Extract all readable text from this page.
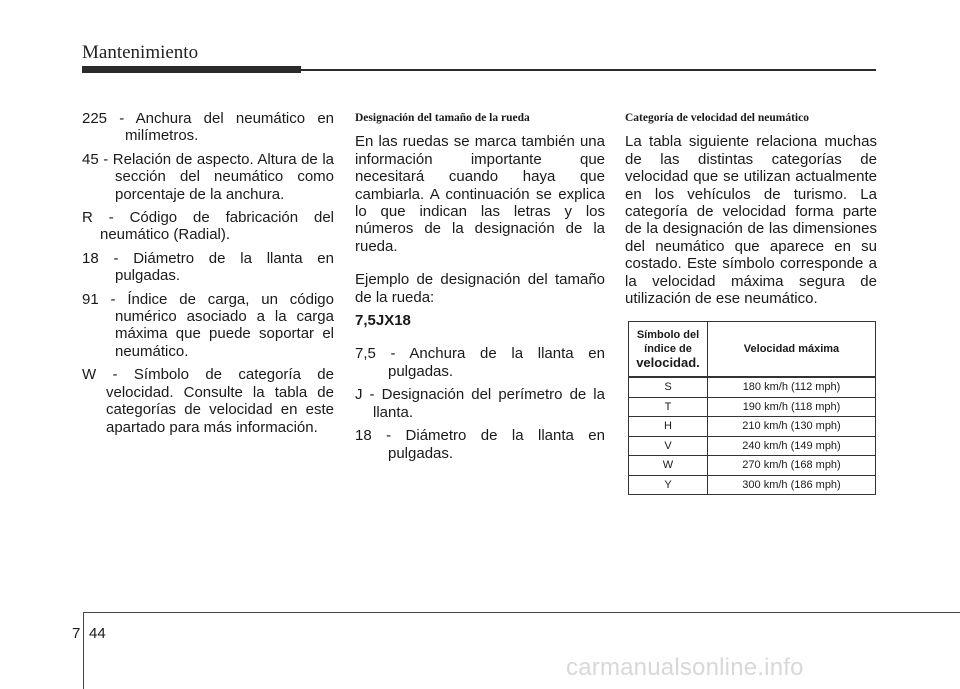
Mantenimiento
225 - Anchura del neumático en milímetros.
45 - Relación de aspecto. Altura de la sección del neumático como porcentaje de la anchura.
R - Código de fabricación del neumático (Radial).
18 - Diámetro de la llanta en pulgadas.
91 - Índice de carga, un código numérico asociado a la carga máxima que puede soportar el neumático.
W - Símbolo de categoría de velocidad. Consulte la tabla de categorías de velocidad en este apartado para más información.
Designación del tamaño de la rueda
En las ruedas se marca también una información importante que necesitará cuando haya que cambiarla. A continuación se explica lo que indican las letras y los números de la designación de la rueda.
Ejemplo de designación del tamaño de la rueda:
7,5JX18
7,5 - Anchura de la llanta en pulgadas.
J - Designación del perímetro de la llanta.
18 - Diámetro de la llanta en pulgadas.
Categoría de velocidad del neumático
La tabla siguiente relaciona muchas de las distintas categorías de velocidad que se utilizan actualmente en los vehículos de turismo. La categoría de velocidad forma parte de la designación de las dimensiones del neumático que aparece en su costado. Este símbolo corresponde a la velocidad máxima segura de utilización de ese neumático.
Símbolo del
índice de
velocidad.	Velocidad máxima
S	180 km/h (112 mph)
T	190 km/h (118 mph)
H	210 km/h (130 mph)
V	240 km/h (149 mph)
W	270 km/h (168 mph)
Y	300 km/h (186 mph)
7 44
carmanualsonline.info
